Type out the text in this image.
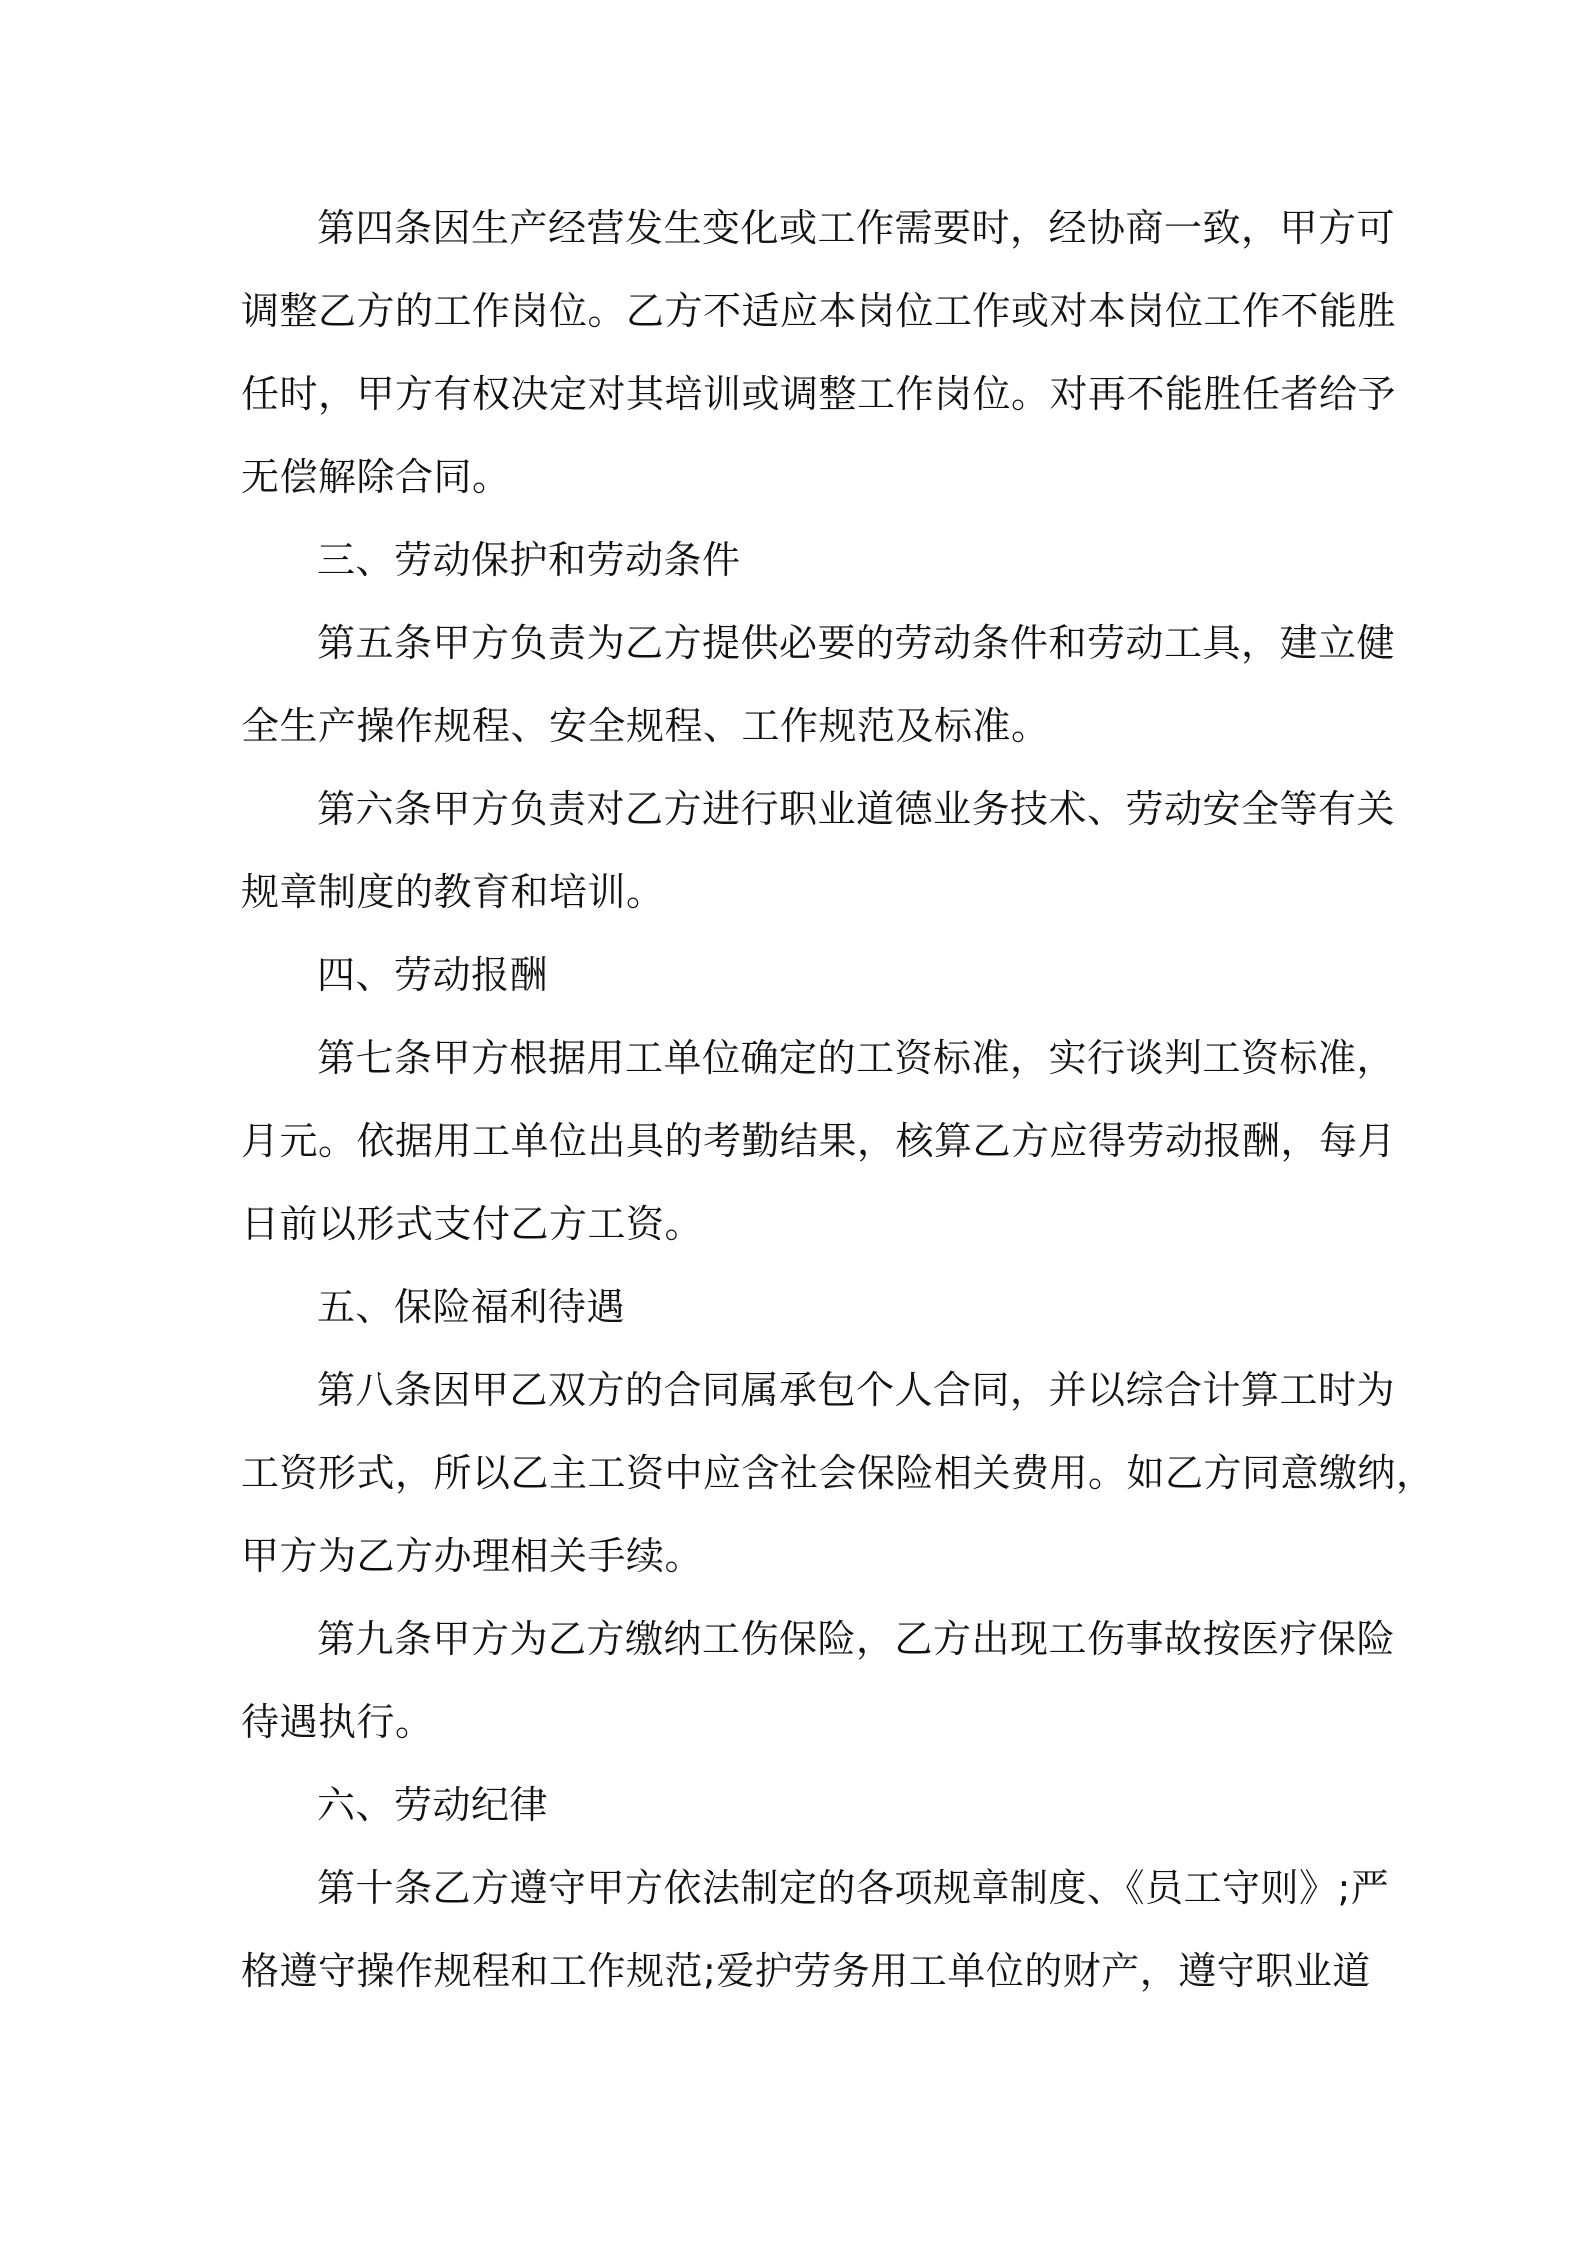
第四条因生产经营发生变化或工作需要时，经协商一致，甲方可
调整乙方的工作岗位。乙方不适应本岗位工作或对本岗位工作不能胜
任时，甲方有权决定对其培训或调整工作岗位。对再不能胜任者给予
无偿解除合同。
三、劳动保护和劳动条件
第五条甲方负责为乙方提供必要的劳动条件和劳动工具，建立健
全生产操作规程、安全规程、工作规范及标准。
第六条甲方负责对乙方进行职业道德业务技术、劳动安全等有关
规章制度的教育和培训。
四、劳动报酬
第七条甲方根据用工单位确定的工资标准，实行谈判工资标准，
月元。依据用工单位出具的考勤结果，核算乙方应得劳动报酬，每月
日前以形式支付乙方工资。
五、保险福利待遇
第八条因甲乙双方的合同属承包个人合同，并以综合计算工时为
工资形式，所以乙主工资中应含社会保险相关费用。如乙方同意缴纳，
甲方为乙方办理相关手续。
第九条甲方为乙方缴纳工伤保险，乙方出现工伤事故按医疗保险
待遇执行。
六、劳动纪律
第十条乙方遵守甲方依法制定的各项规章制度、《员工守则》;严
格遵守操作规程和工作规范;爱护劳务用工单位的财产，遵守职业道
